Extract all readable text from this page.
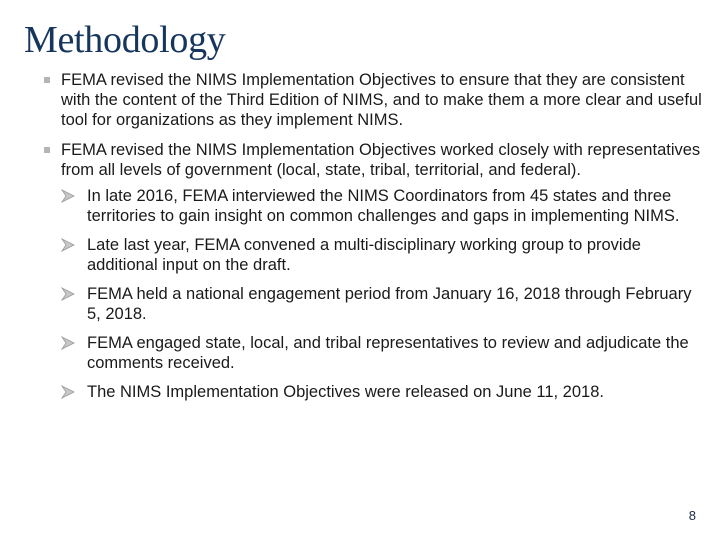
Methodology
FEMA revised the NIMS Implementation Objectives to ensure that they are consistent with the content of the Third Edition of NIMS, and to make them a more clear and useful tool for organizations as they implement NIMS.
FEMA revised the NIMS Implementation Objectives worked closely with representatives from all levels of government (local, state, tribal, territorial, and federal).
In late 2016, FEMA interviewed the NIMS Coordinators from 45 states and three territories to gain insight on common challenges and gaps in implementing NIMS.
Late last year, FEMA convened a multi-disciplinary working group to provide additional input on the draft.
FEMA held a national engagement period from January 16, 2018 through February 5, 2018.
FEMA engaged state, local, and tribal representatives to review and adjudicate the comments received.
The NIMS Implementation Objectives were released on June 11, 2018.
8
